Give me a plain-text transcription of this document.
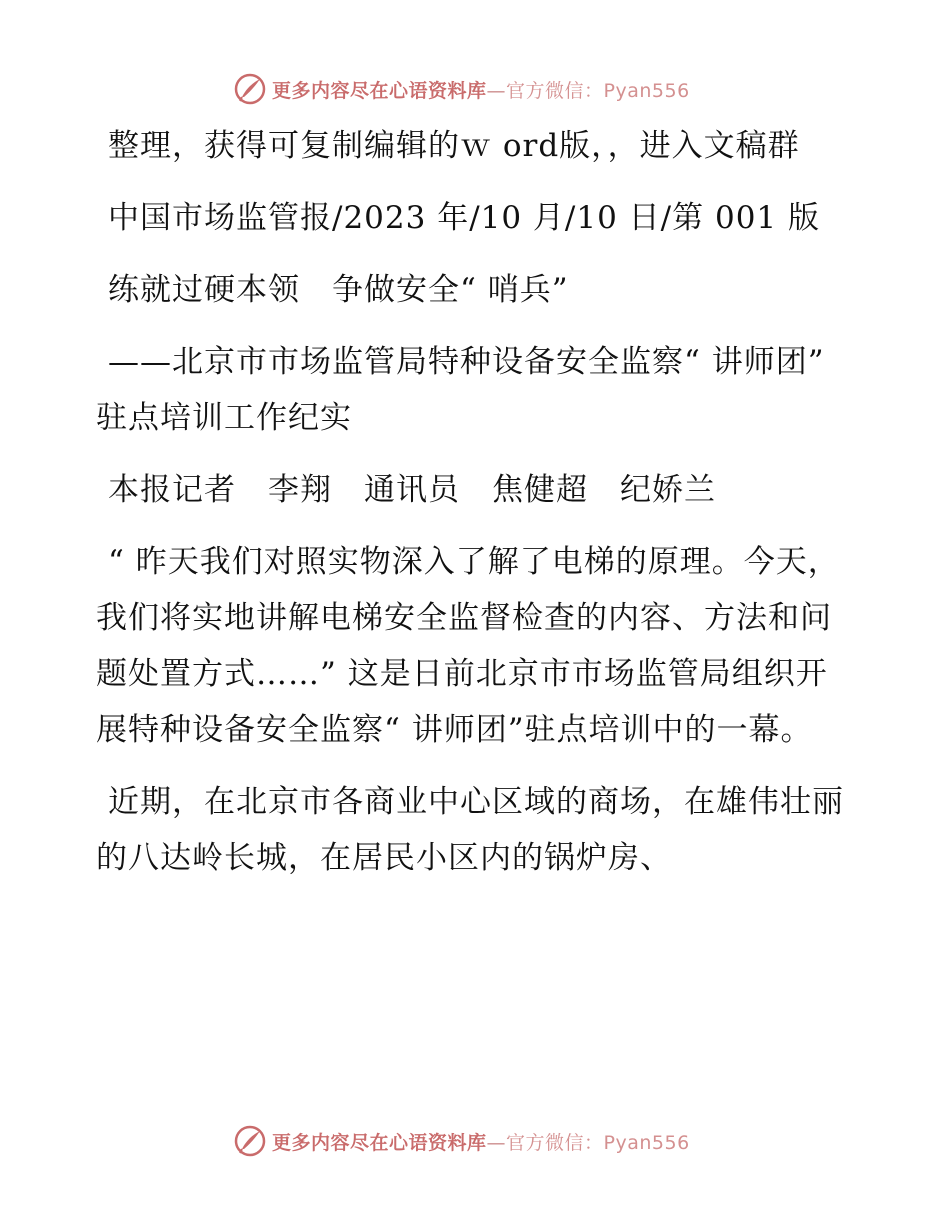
更多内容尽在心语资料库—官方微信：Pyan556

整理，获得可复制编辑的ｗ ord版，，进入文稿群

中国市场监管报/2023 年/10 月/10 日/第 001 版

练就过硬本领　争做安全“ 哨兵”

——北京市市场监管局特种设备安全监察“ 讲师团” 驻点培训工作纪实

本报记者　李翔　通讯员　焦健超　纪娇兰

“ 昨天我们对照实物深入了解了电梯的原理。今天，我们将实地讲解电梯安全监督检查的内容、方法和问题处置方式……” 这是日前北京市市场监管局组织开展特种设备安全监察“ 讲师团”驻点培训中的一幕。

近期，在北京市各商业中心区域的商场，在雄伟壮丽的八达岭长城，在居民小区内的锅炉房、

更多内容尽在心语资料库—官方微信：Pyan556
